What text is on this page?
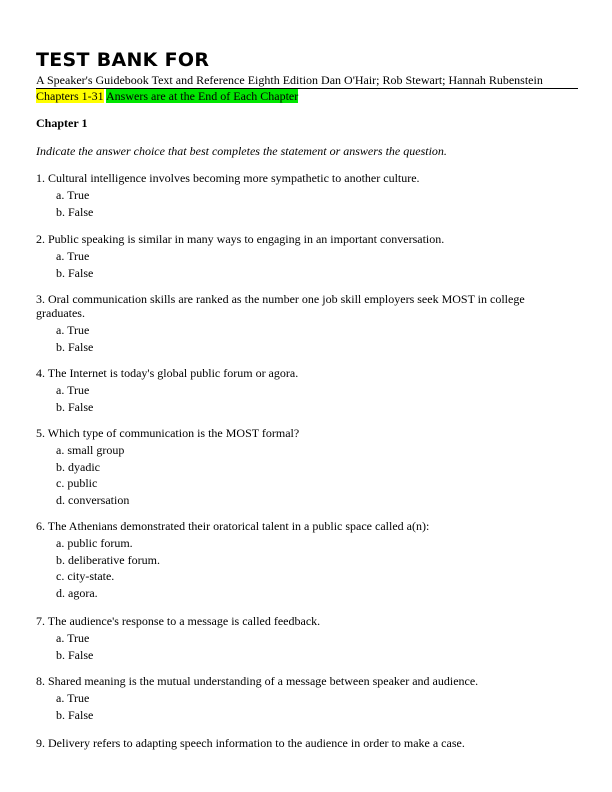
TEST BANK FOR
A Speaker's Guidebook Text and Reference Eighth Edition Dan O'Hair; Rob Stewart; Hannah Rubenstein
Chapters 1-31 Answers are at the End of Each Chapter
Chapter 1
Indicate the answer choice that best completes the statement or answers the question.

1. Cultural intelligence involves becoming more sympathetic to another culture.

a. True
b. False

2. Public speaking is similar in many ways to engaging in an important conversation.

a. True
b. False

3. Oral communication skills are ranked as the number one job skill employers seek MOST in college graduates.

a. True
b. False

4. The Internet is today's global public forum or agora.

a. True
b. False

5. Which type of communication is the MOST formal?

a. small group
b. dyadic
c. public
d. conversation

6. The Athenians demonstrated their oratorical talent in a public space called a(n):

a. public forum.
b. deliberative forum.
c. city-state.
d. agora.

7. The audience's response to a message is called feedback.

a. True
b. False

8. Shared meaning is the mutual understanding of a message between speaker and audience.

a. True
b. False

9. Delivery refers to adapting speech information to the audience in order to make a case.
